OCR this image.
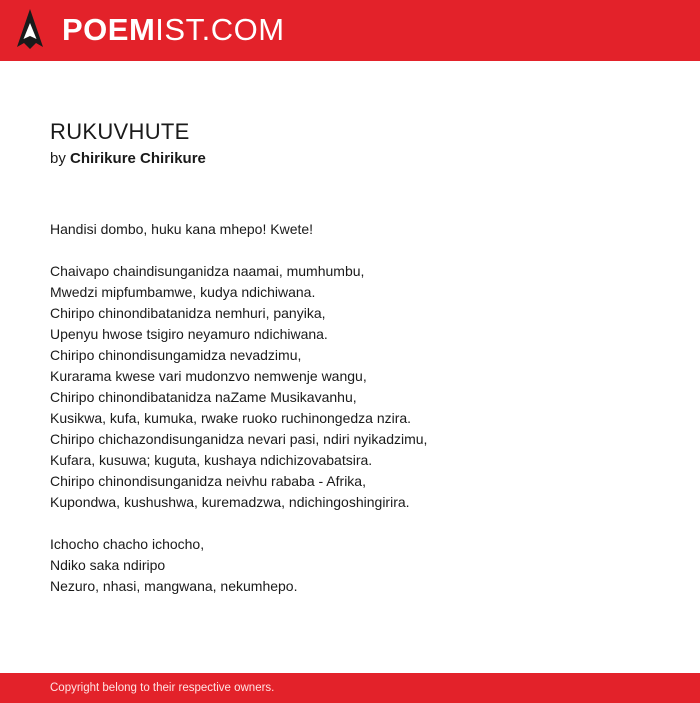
POEMIST.COM
RUKUVHUTE
by Chirikure Chirikure
Handisi dombo, huku kana mhepo! Kwete!
Chaivapo chaindisunganidza naamai, mumhumbu,
Mwedzi mipfumbamwe, kudya ndichiwana.
Chiripo chinondibatanidza nemhuri, panyika,
Upenyu hwose tsigiro neyamuro ndichiwana.
Chiripo chinondisungamidza nevadzimu,
Kurarama kwese vari mudonzvo nemwenje wangu,
Chiripo chinondibatanidza naZame Musikavanhu,
Kusikwa, kufa, kumuka, rwake ruoko ruchinongedza nzira.
Chiripo chichazondisunganidza nevari pasi, ndiri nyikadzimu,
Kufara, kusuwa; kuguta, kushaya ndichizovabatsira.
Chiripo chinondisunganidza neivhu rababa - Afrika,
Kupondwa, kushushwa, kuremadzwa, ndichingoshingirira.
Ichocho chacho ichocho,
Ndiko saka ndiripo
Nezuro, nhasi, mangwana, nekumhepo.
Copyright belong to their respective owners.
